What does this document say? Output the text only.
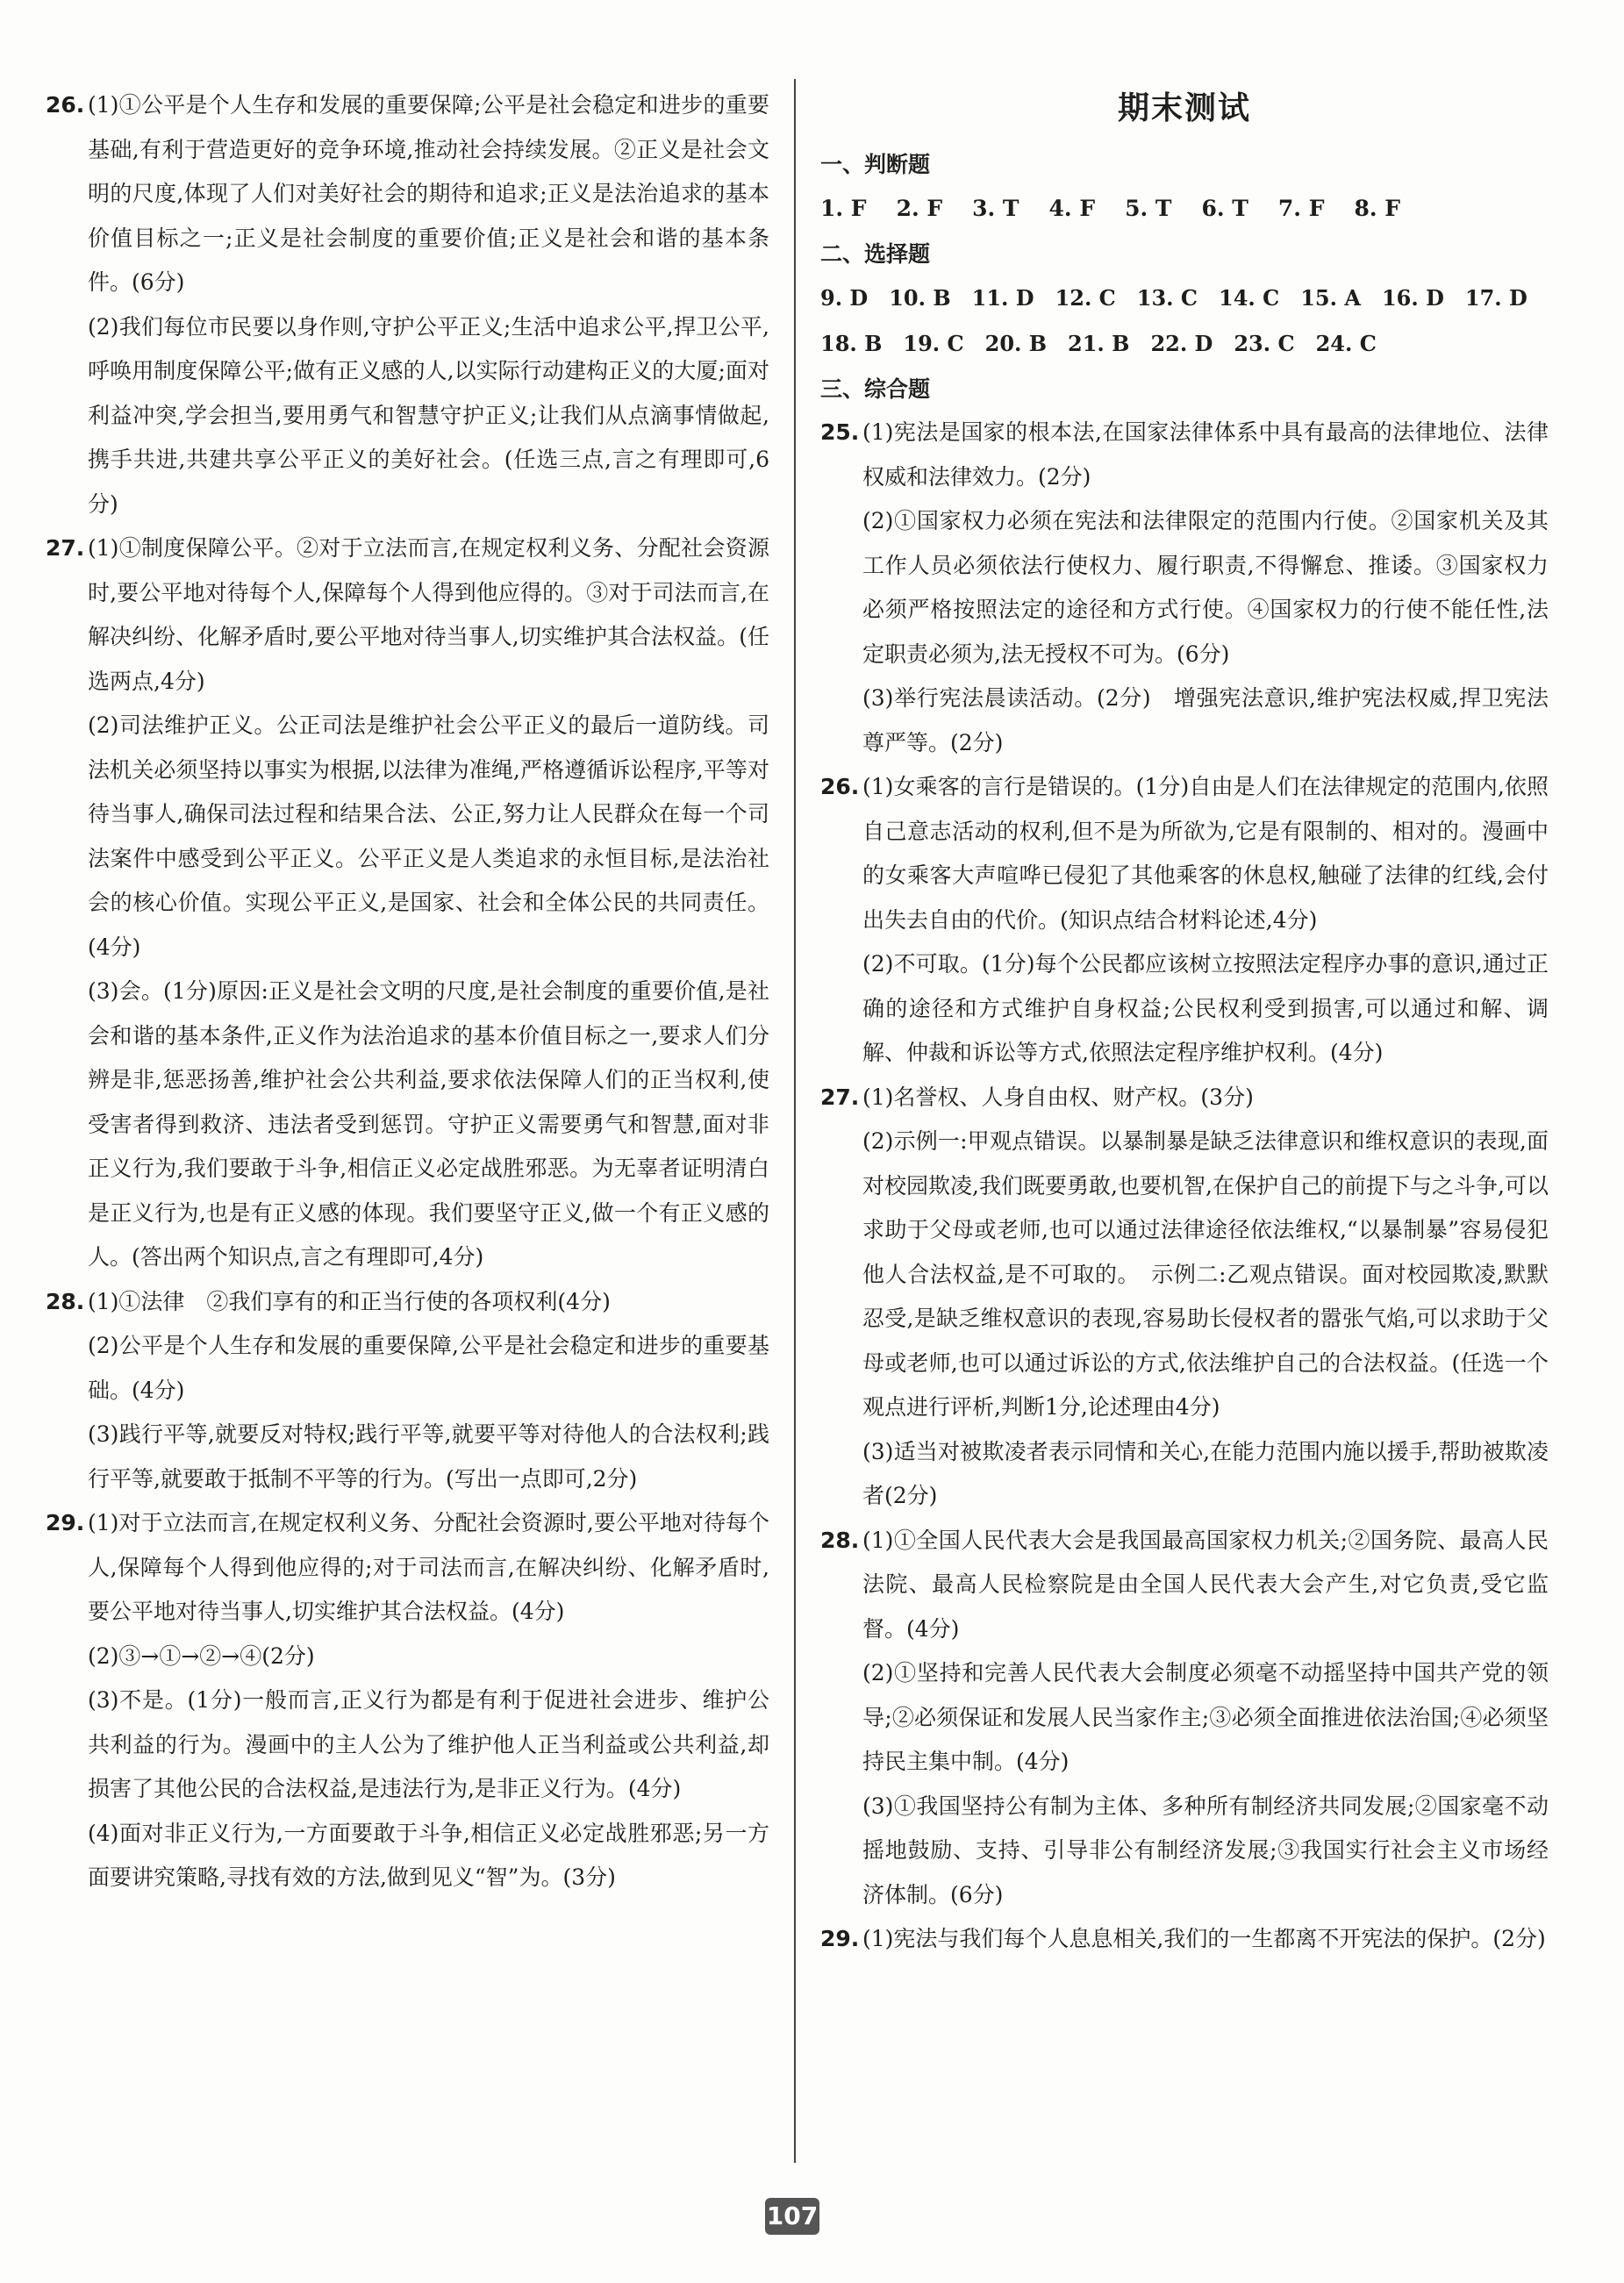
26. (1)①公平是个人生存和发展的重要保障;公平是社会稳定和进步的重要基础,有利于营造更好的竞争环境,推动社会持续发展。②正义是社会文明的尺度,体现了人们对美好社会的期待和追求;正义是法治追求的基本价值目标之一;正义是社会制度的重要价值;正义是社会和谐的基本条件。(6分)

(2)我们每位市民要以身作则,守护公平正义;生活中追求公平,捍卫公平,呼唤用制度保障公平;做有正义感的人,以实际行动建构正义的大厦;面对利益冲突,学会担当,要用勇气和智慧守护正义;让我们从点滴事情做起,携手共进,共建共享公平正义的美好社会。(任选三点,言之有理即可,6分)

27. (1)①制度保障公平。②对于立法而言,在规定权利义务、分配社会资源时,要公平地对待每个人,保障每个人得到他应得的。③对于司法而言,在解决纠纷、化解矛盾时,要公平地对待当事人,切实维护其合法权益。(任选两点,4分)

(2)司法维护正义。公正司法是维护社会公平正义的最后一道防线。司法机关必须坚持以事实为根据,以法律为准绳,严格遵循诉讼程序,平等对待当事人,确保司法过程和结果合法、公正,努力让人民群众在每一个司法案件中感受到公平正义。公平正义是人类追求的永恒目标,是法治社会的核心价值。实现公平正义,是国家、社会和全体公民的共同责任。(4分)

(3)会。(1分)原因:正义是社会文明的尺度,是社会制度的重要价值,是社会和谐的基本条件,正义作为法治追求的基本价值目标之一,要求人们分辨是非,惩恶扬善,维护社会公共利益,要求依法保障人们的正当权利,使受害者得到救济、违法者受到惩罚。守护正义需要勇气和智慧,面对非正义行为,我们要敢于斗争,相信正义必定战胜邪恶。为无辜者证明清白是正义行为,也是有正义感的体现。我们要坚守正义,做一个有正义感的人。(答出两个知识点,言之有理即可,4分)

28. (1)①法律　②我们享有的和正当行使的各项权利(4分)

(2)公平是个人生存和发展的重要保障,公平是社会稳定和进步的重要基础。(4分)

(3)践行平等,就要反对特权;践行平等,就要平等对待他人的合法权利;践行平等,就要敢于抵制不平等的行为。(写出一点即可,2分)

29. (1)对于立法而言,在规定权利义务、分配社会资源时,要公平地对待每个人,保障每个人得到他应得的;对于司法而言,在解决纠纷、化解矛盾时,要公平地对待当事人,切实维护其合法权益。(4分)

(2)③→①→②→④(2分)

(3)不是。(1分)一般而言,正义行为都是有利于促进社会进步、维护公共利益的行为。漫画中的主人公为了维护他人正当利益或公共利益,却损害了其他公民的合法权益,是违法行为,是非正义行为。(4分)

(4)面对非正义行为,一方面要敢于斗争,相信正义必定战胜邪恶;另一方面要讲究策略,寻找有效的方法,做到见义“智”为。(3分)

期末测试
一、判断题
1. F 2. F 3. T 4. F 5. T 6. T 7. F 8. F
二、选择题
9. D 10. B 11. D 12. C 13. C 14. C 15. A 16. D 17. D
18. B 19. C 20. B 21. B 22. D 23. C 24. C
三、综合题

25. (1)宪法是国家的根本法,在国家法律体系中具有最高的法律地位、法律权威和法律效力。(2分)

(2)①国家权力必须在宪法和法律限定的范围内行使。②国家机关及其工作人员必须依法行使权力、履行职责,不得懈怠、推诿。③国家权力必须严格按照法定的途径和方式行使。④国家权力的行使不能任性,法定职责必须为,法无授权不可为。(6分)

(3)举行宪法晨读活动。(2分)　增强宪法意识,维护宪法权威,捍卫宪法尊严等。(2分)

26. (1)女乘客的言行是错误的。(1分)自由是人们在法律规定的范围内,依照自己意志活动的权利,但不是为所欲为,它是有限制的、相对的。漫画中的女乘客大声喧哗已侵犯了其他乘客的休息权,触碰了法律的红线,会付出失去自由的代价。(知识点结合材料论述,4分)

(2)不可取。(1分)每个公民都应该树立按照法定程序办事的意识,通过正确的途径和方式维护自身权益;公民权利受到损害,可以通过和解、调解、仲裁和诉讼等方式,依照法定程序维护权利。(4分)

27. (1)名誉权、人身自由权、财产权。(3分)

(2)示例一:甲观点错误。以暴制暴是缺乏法律意识和维权意识的表现,面对校园欺凌,我们既要勇敢,也要机智,在保护自己的前提下与之斗争,可以求助于父母或老师,也可以通过法律途径依法维权,“以暴制暴”容易侵犯他人合法权益,是不可取的。　示例二:乙观点错误。面对校园欺凌,默默忍受,是缺乏维权意识的表现,容易助长侵权者的嚣张气焰,可以求助于父母或老师,也可以通过诉讼的方式,依法维护自己的合法权益。(任选一个观点进行评析,判断1分,论述理由4分)

(3)适当对被欺凌者表示同情和关心,在能力范围内施以援手,帮助被欺凌者(2分)

28. (1)①全国人民代表大会是我国最高国家权力机关;②国务院、最高人民法院、最高人民检察院是由全国人民代表大会产生,对它负责,受它监督。(4分)

(2)①坚持和完善人民代表大会制度必须毫不动摇坚持中国共产党的领导;②必须保证和发展人民当家作主;③必须全面推进依法治国;④必须坚持民主集中制。(4分)

(3)①我国坚持公有制为主体、多种所有制经济共同发展;②国家毫不动摇地鼓励、支持、引导非公有制经济发展;③我国实行社会主义市场经济体制。(6分)

29. (1)宪法与我们每个人息息相关,我们的一生都离不开宪法的保护。(2分)

107
